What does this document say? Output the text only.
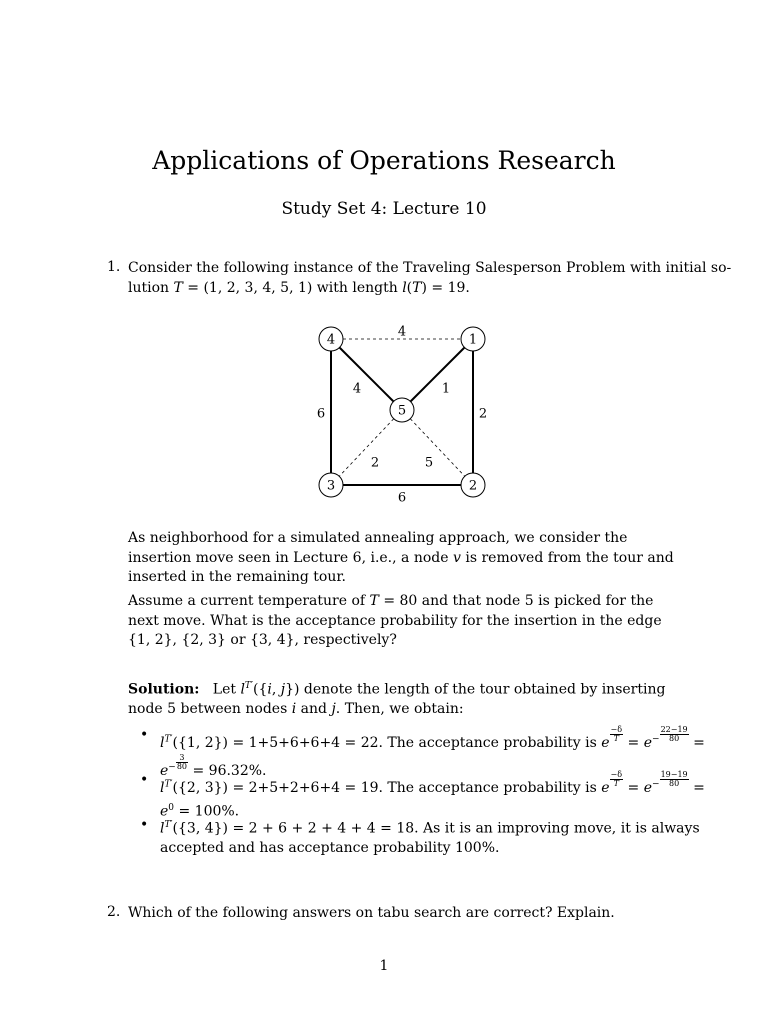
Applications of Operations Research
Study Set 4: Lecture 10
1. Consider the following instance of the Traveling Salesperson Problem with initial so-
lution T = (1, 2, 3, 4, 5, 1) with length l(T) = 19.
4
4	1
6	2
2	5
6
4	1
5
3	2

As neighborhood for a simulated annealing approach, we consider the insertion move seen in Lecture 6, i.e., a node v is removed from the tour and inserted in the remaining tour.

Assume a current temperature of T = 80 and that node 5 is picked for the next move. What is the acceptance probability for the insertion in the edge {1, 2}, {2, 3} or {3, 4}, respectively?

Solution:   Let $l^{T'}(\{i$, j}) denote the length of the tour obtained by inserting node 5 between nodes i and j. Then, we obtain:

• $l^{T'}(\{1$, 2}) = 1+5+6+6+4 = 22. The acceptance probability is e $\frac{-\delta}{T} = e^- \frac{22-19}{80}$ =
$e^- \frac{3}{80} = 96.32\%$.
• $l^{T'}(\{2$, 3}) = 2+5+2+6+4 = 19. The acceptance probability is e $\frac{-\delta}{T} = e^- \frac{19-19}{80}$ =
$e^0 = 100\%$.
• $l^{T'}(\{3$, 4}) = 2 + 6 + 2 + 4 + 4 = 18. As it is an improving move, it is always
accepted and has acceptance probability 100%.
2. Which of the following answers on tabu search are correct? Explain.
1
